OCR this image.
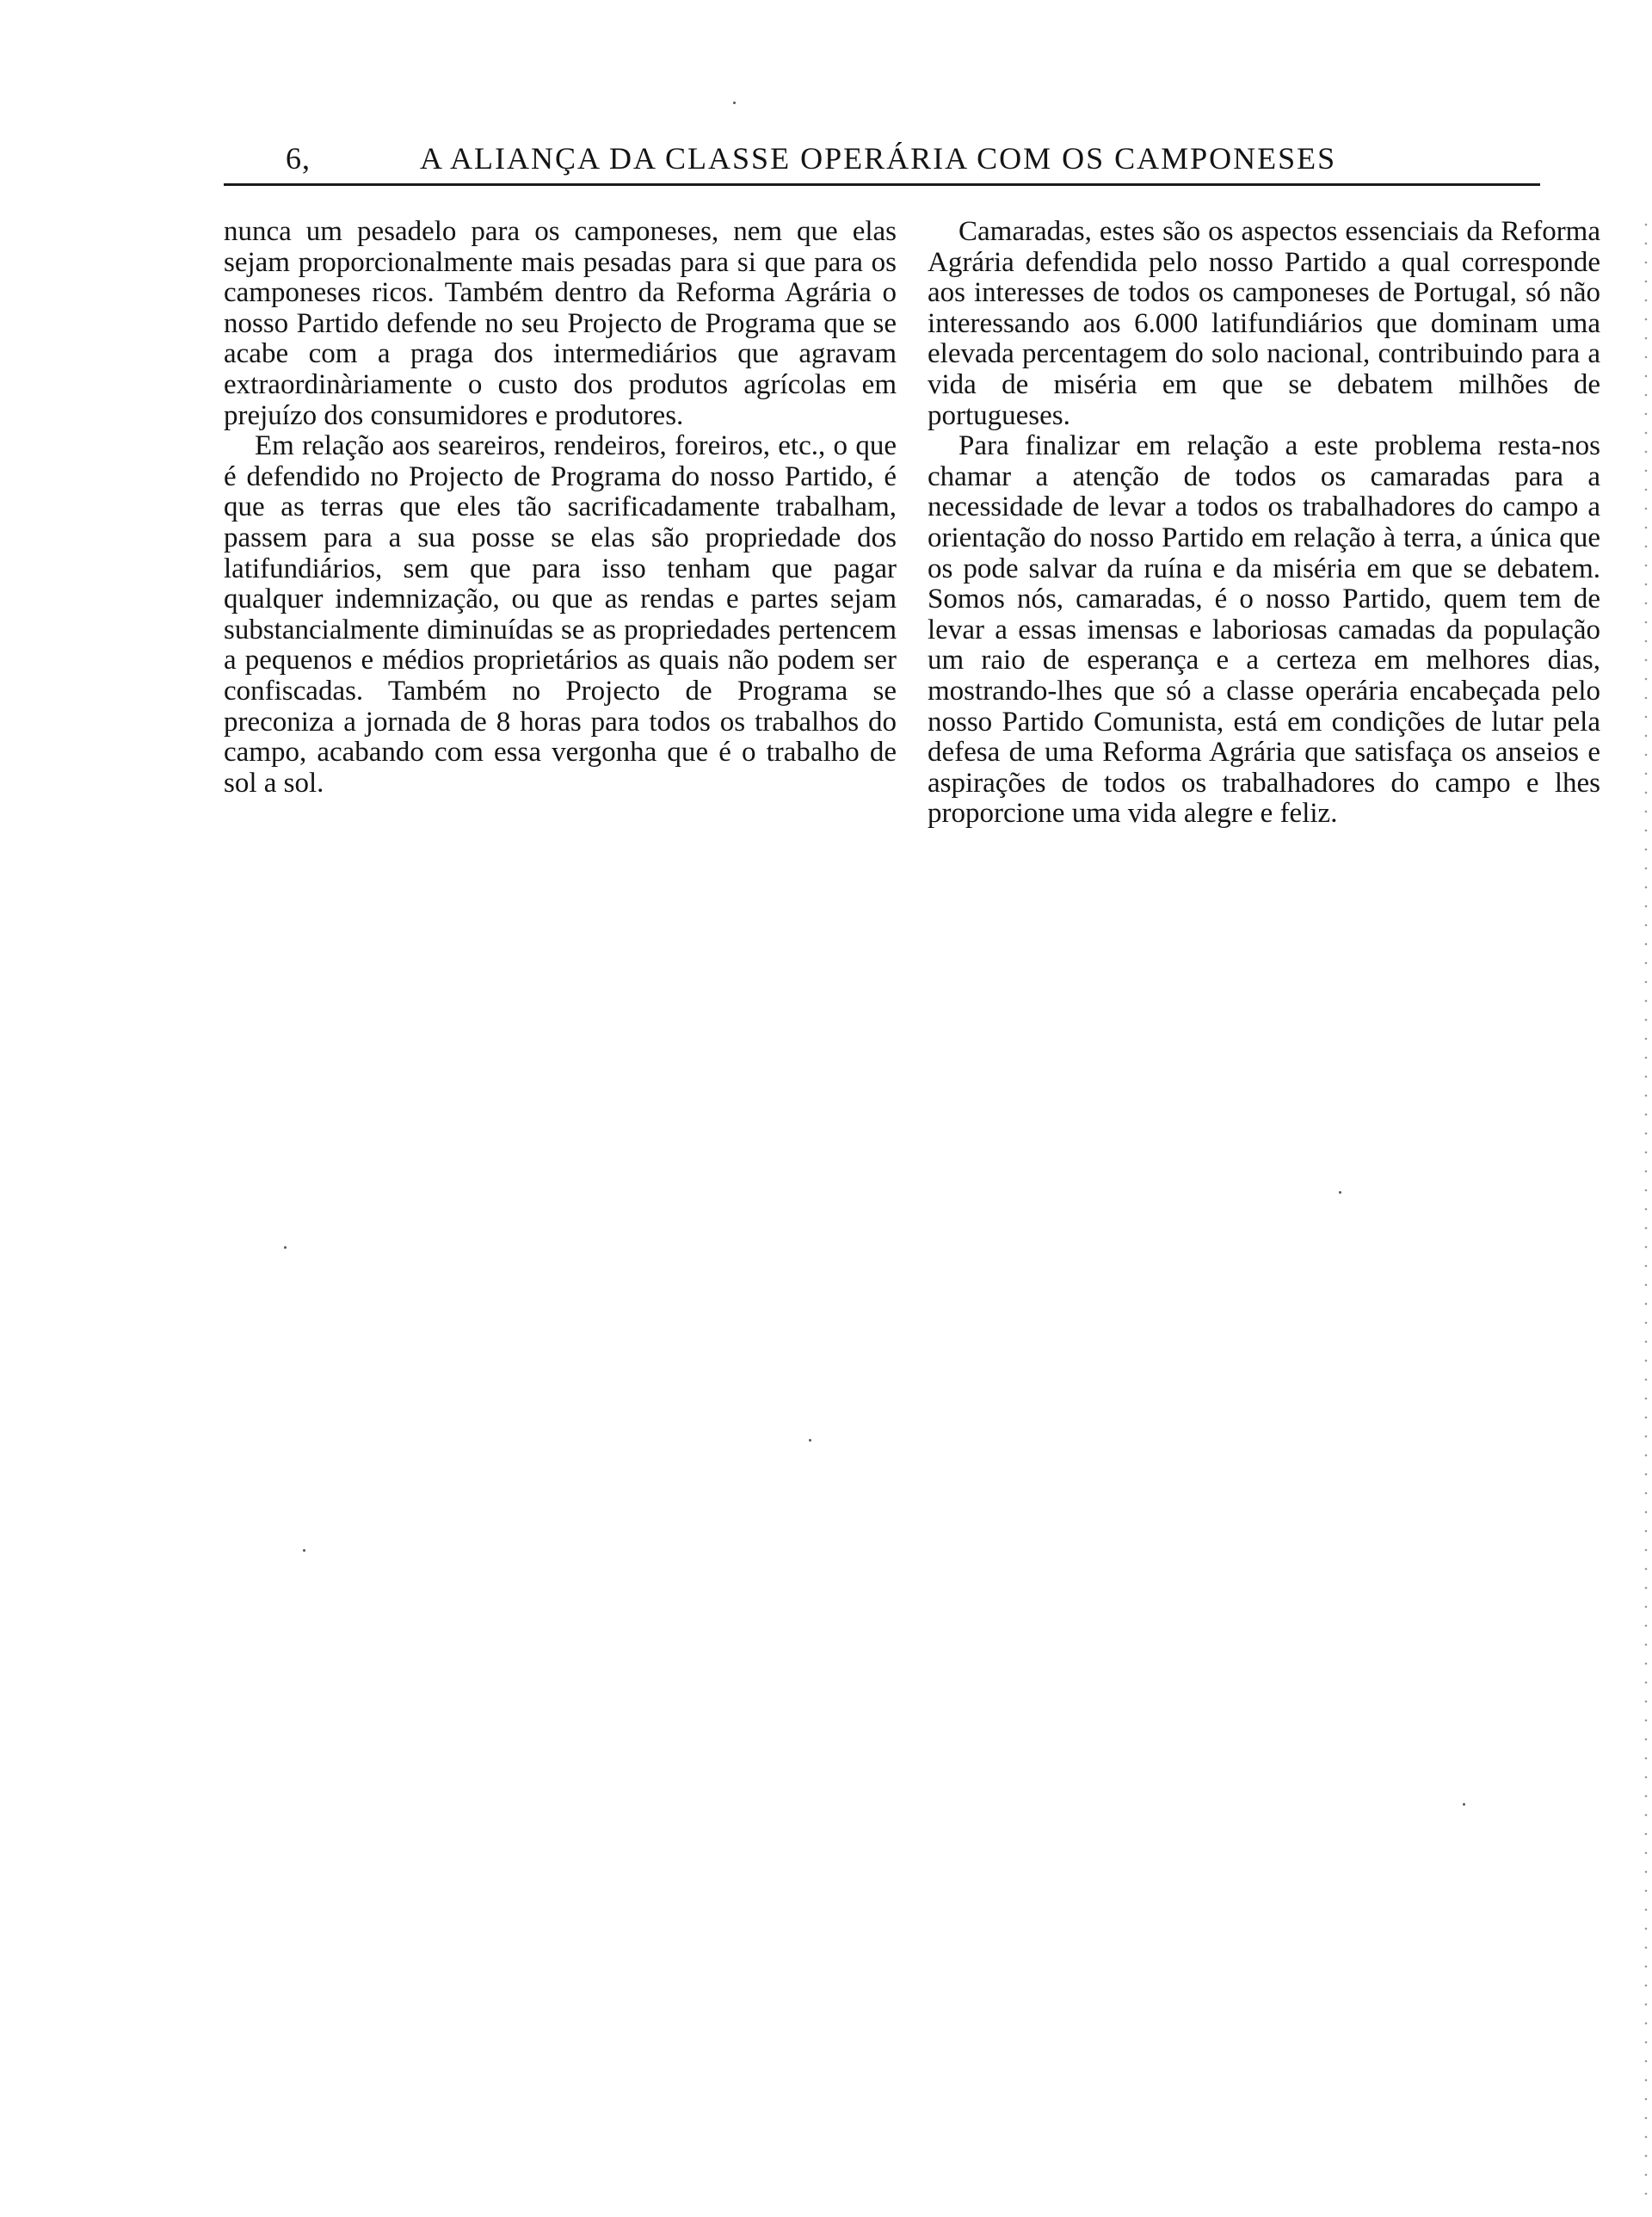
6,	A ALIANÇA DA CLASSE OPERÁRIA COM OS CAMPONESES

nunca um pesadelo para os camponeses, nem que elas sejam proporcionalmente mais pesadas para si que para os camponeses ricos. Também dentro da Reforma Agrária o nosso Partido defende no seu Projecto de Programa que se acabe com a praga dos intermediários que agravam extraordinàriamente o custo dos produtos agrícolas em prejuízo dos consumidores e produtores.

Em relação aos seareiros, rendeiros, foreiros, etc., o que é defendido no Projecto de Programa do nosso Partido, é que as terras que eles tão sacrificadamente trabalham, passem para a sua posse se elas são propriedade dos latifundiários, sem que para isso tenham que pagar qualquer indemnização, ou que as rendas e partes sejam substancialmente diminuídas se as propriedades pertencem a pequenos e médios proprietários as quais não podem ser confiscadas. Também no Projecto de Programa se preconiza a jornada de 8 horas para todos os trabalhos do campo, acabando com essa vergonha que é o trabalho de sol a sol.

Camaradas, estes são os aspectos essenciais da Reforma Agrária defendida pelo nosso Partido a qual corresponde aos interesses de todos os camponeses de Portugal, só não interessando aos 6.000 latifundiários que dominam uma elevada percentagem do solo nacional, contribuindo para a vida de miséria em que se debatem milhões de portugueses.

Para finalizar em relação a este problema resta-nos chamar a atenção de todos os camaradas para a necessidade de levar a todos os trabalhadores do campo a orientação do nosso Partido em relação à terra, a única que os pode salvar da ruína e da miséria em que se debatem. Somos nós, camaradas, é o nosso Partido, quem tem de levar a essas imensas e laboriosas camadas da população um raio de esperança e a certeza em melhores dias, mostrando-lhes que só a classe operária encabeçada pelo nosso Partido Comunista, está em condições de lutar pela defesa de uma Reforma Agrária que satisfaça os anseios e aspirações de todos os trabalhadores do campo e lhes proporcione uma vida alegre e feliz.
